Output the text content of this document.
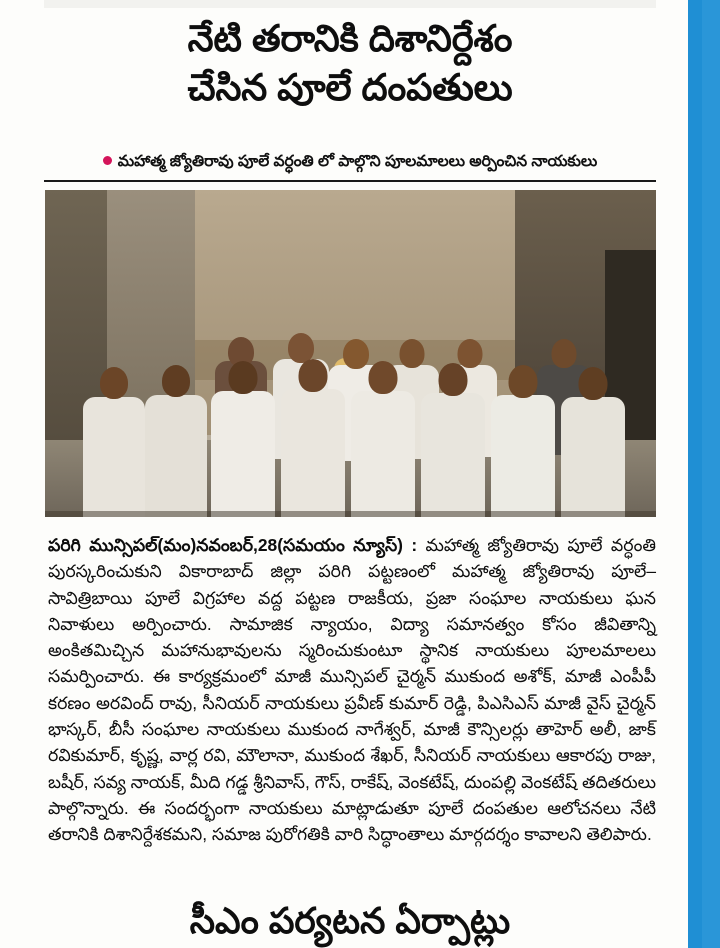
నేటి తరానికి దిశానిర్దేశం
చేసిన పూలే దంపతులు
మహాత్మ జ్యోతిరావు పూలే వర్ధంతి లో పాల్గొని పూలమాలలు అర్పించిన నాయకులు
పరిగి మున్సిపల్(మం)నవంబర్,28(సమయం న్యూస్) : మహాత్మ జ్యోతిరావు పూలే వర్ధంతి పురస్కరించుకుని వికారాబాద్ జిల్లా పరిగి పట్టణంలో మహాత్మ జ్యోతిరావు పూలే– సావిత్రిబాయి పూలే విగ్రహాల వద్ద పట్టణ రాజకీయ, ప్రజా సంఘాల నాయకులు ఘన నివాళులు అర్పించారు. సామాజిక న్యాయం, విద్యా సమానత్వం కోసం జీవితాన్ని అంకితమిచ్చిన మహానుభావులను స్మరించుకుంటూ స్థానిక నాయకులు పూలమాలలు సమర్పించారు. ఈ కార్యక్రమంలో మాజీ మున్సిపల్ చైర్మన్ ముకుంద అశోక్, మాజీ ఎంపీపీ కరణం అరవింద్ రావు, సీనియర్ నాయకులు ప్రవీణ్ కుమార్ రెడ్డి, పిఎసిఎస్ మాజీ వైస్ చైర్మన్ భాస్కర్, బీసీ సంఘాల నాయకులు ముకుంద నాగేశ్వర్, మాజీ కౌన్సిలర్లు తాహెర్ అలీ, జాక్ రవికుమార్, కృష్ణ, వార్ల రవి, మౌలానా, ముకుంద శేఖర్, సీనియర్ నాయకులు ఆకారపు రాజు, బషీర్, సవ్య నాయక్, మీది గడ్డ శ్రీనివాస్, గౌస్, రాకేష్, వెంకటేష్, దుంపల్లి వెంకటేష్ తదితరులు పాల్గొన్నారు. ఈ సందర్భంగా నాయకులు మాట్లాడుతూ పూలే దంపతుల ఆలోచనలు నేటి తరానికి దిశానిర్దేశకమని, సమాజ పురోగతికి వారి సిద్ధాంతాలు మార్గదర్శం కావాలని తెలిపారు.
సీఎం పర్యటన ఏర్పాట్లు
